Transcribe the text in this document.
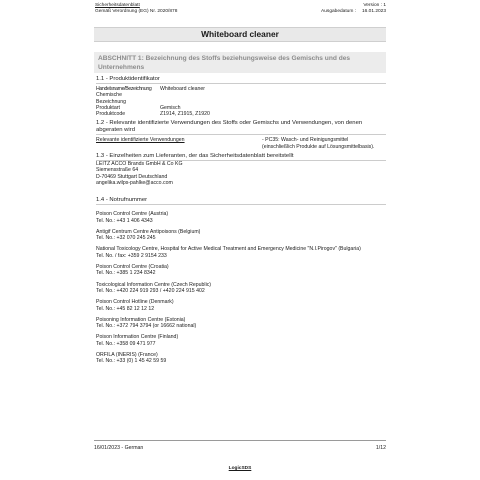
Sicherheitsdatenblatt
Gemäß Verordnung (EG) Nr. 2020/878
Version : 1
Ausgabedatum : 16.01.2023
Whiteboard cleaner
ABSCHNITT 1: Bezeichnung des Stoffs beziehungsweise des Gemischs und des Unternehmens
1.1 - Produktidentifikator
Handelsname/Bezeichnung	Whiteboard cleaner
Chemische
Bezeichnung
Produktart	Gemisch
Produktcode	Z1914, Z1915, Z1920
1.2 - Relevante identifizierte Verwendungen des Stoffs oder Gemischs und Verwendungen, von denen abgeraten wird
Relevante identifizierte Verwendungen	- PC35: Wasch- und Reinigungsmittel
(einschließlich Produkte auf Lösungsmittelbasis).
1.3 - Einzelheiten zum Lieferanten, der das Sicherheitsdatenblatt bereitstellt
LEITZ ACCO Brands GmbH & Co KG
Siemensstraße 64
D-70469 Stuttgart Deutschland
angelika.wilps-pahlke@acco.com
1.4 - Notrufnummer
Poison Control Centre (Austria)
Tel. No.: +43 1 406 4343
Antigif Centrum Centre Antipoisons (Belgium)
Tel. No.: +32 070 245 245
National Toxicology Centre, Hospital for Active Medical Treatment and Emergency Medicine "N.I.Pirogov" (Bulgaria)
Tel. No. / fax: +359 2 9154 233
Poison Control Centre (Croatia)
Tel. No.: +385 1 234 8342
Toxicological Information Centre (Czech Republic)
Tel. No.: +420 224 919 293 / +420 224 915 402
Poison Control Hotline (Denmark)
Tel. No.: +45 82 12 12 12
Poisoning Information Centre (Estonia)
Tel. No.: +372 794 3794 (or 16662 national)
Poison Information Centre (Finland)
Tel. No.: +358 09 471 977
ORFILA (INERIS) (France)
Tel. No.: +33 (0) 1 45 42 59 59
16/01/2023 - German	1/12
LogicSDS
